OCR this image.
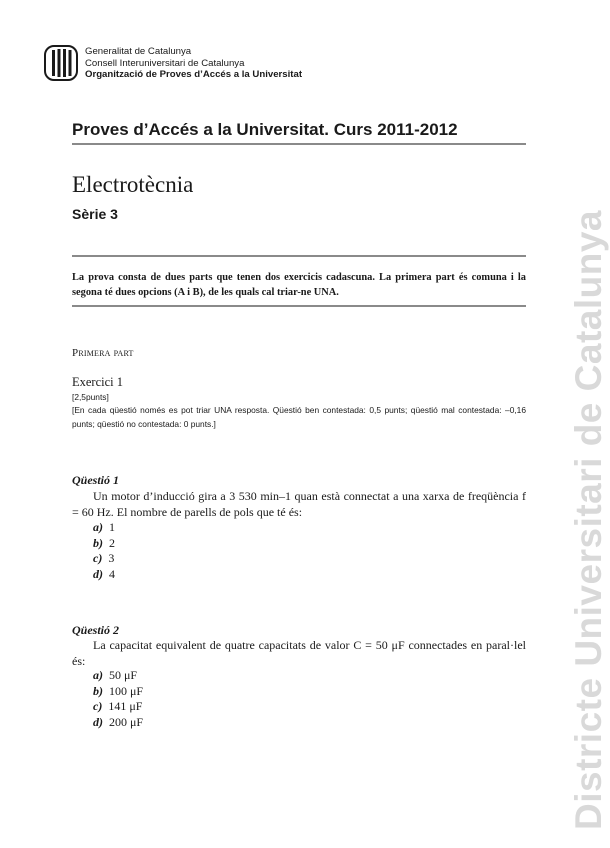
Generalitat de Catalunya
Consell Interuniversitari de Catalunya
Organització de Proves d’Accés a la Universitat
Proves d’Accés a la Universitat. Curs 2011-2012
Electrotècnia
Sèrie 3
La prova consta de dues parts que tenen dos exercicis cadascuna. La primera part és comuna i la segona té dues opcions (A i B), de les quals cal triar-ne UNA.
Primera part
Exercici 1
[2,5punts]
[En cada qüestió només es pot triar UNA resposta. Qüestió ben contestada: 0,5 punts; qüestió mal contestada: –0,16 punts; qüestió no contestada: 0 punts.]
Qüestió 1
Un motor d’inducció gira a 3 530 min–1 quan està connectat a una xarxa de freqüència f = 60 Hz. El nombre de parells de pols que té és:
a) 1
b) 2
c) 3
d) 4
Qüestió 2
La capacitat equivalent de quatre capacitats de valor C = 50 μF connectades en paral·lel és:
a) 50 μF
b) 100 μF
c) 141 μF
d) 200 μF	Districte Universitari de Catalunya
